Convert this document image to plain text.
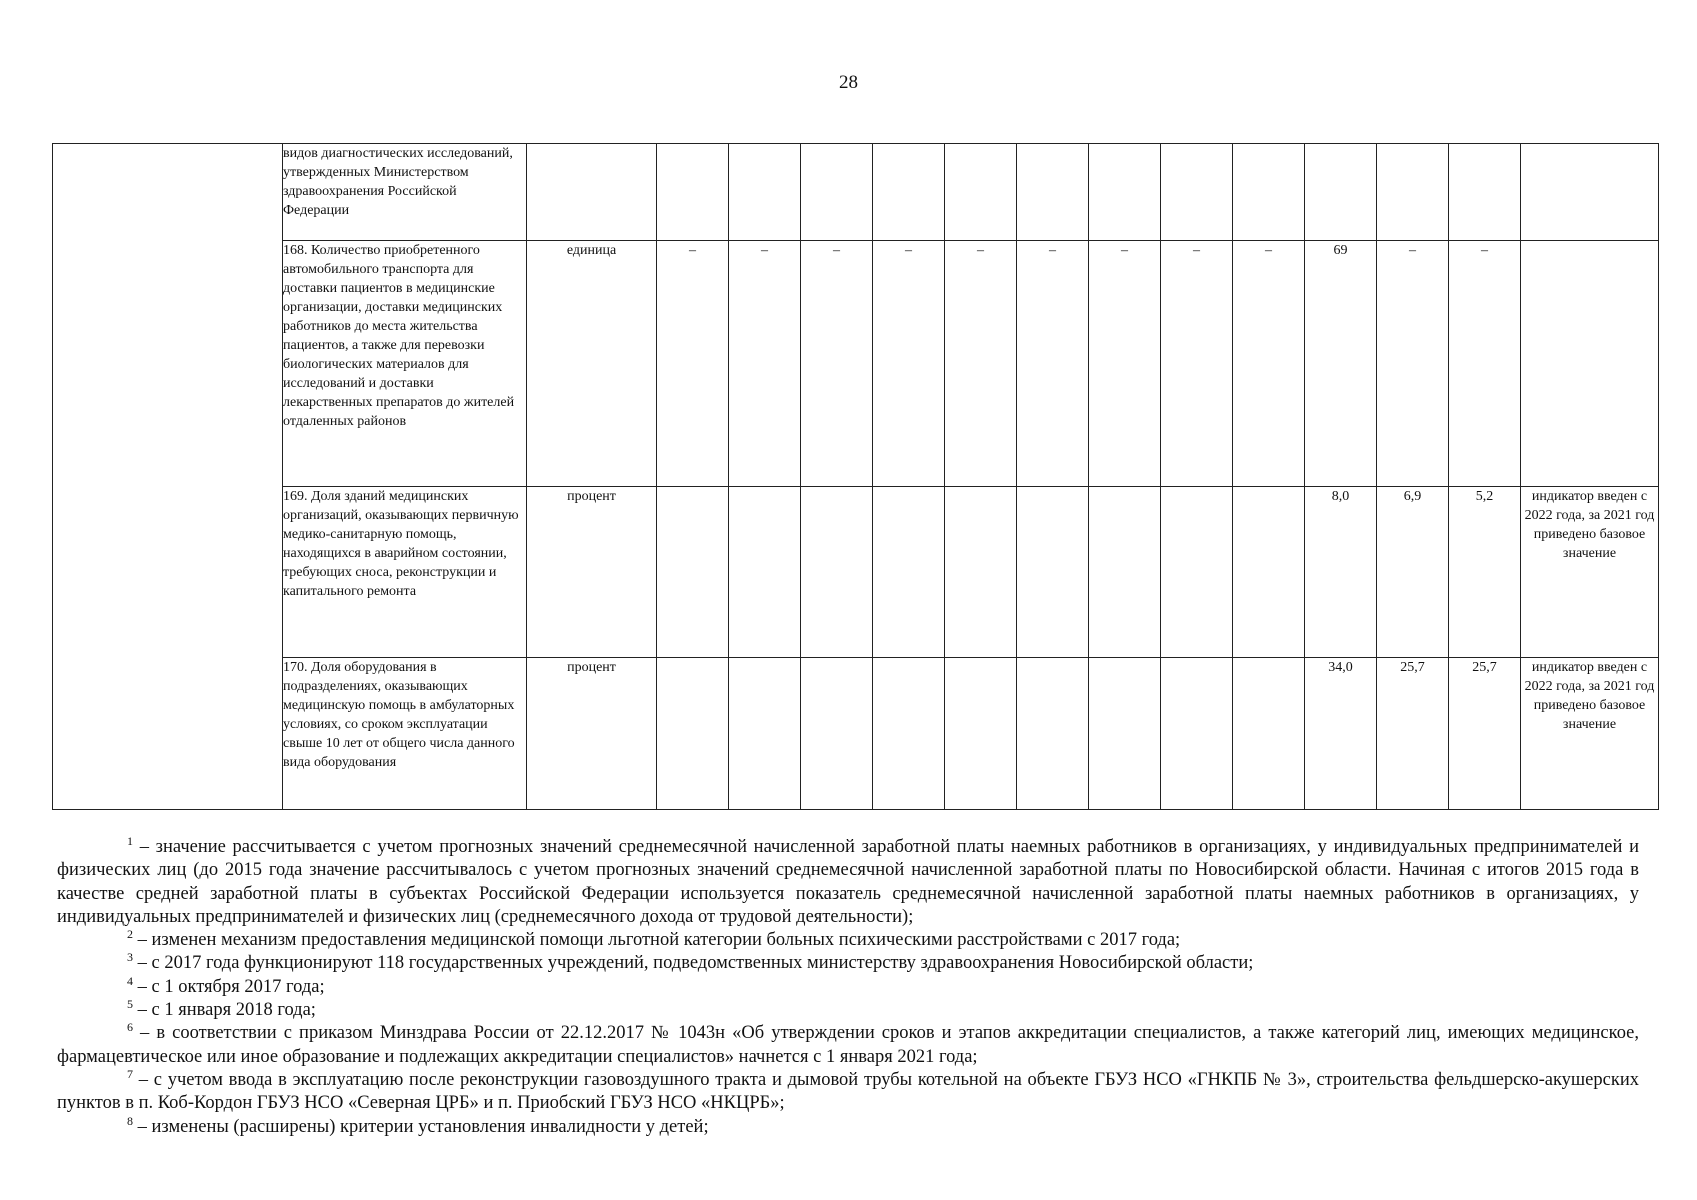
28
	видов диагностических исследований, утвержденных Министерством здравоохранения Российской Федерации														
	168. Количество приобретенного автомобильного транспорта для доставки пациентов в медицинские организации, доставки медицинских работников до места жительства пациентов, а также для перевозки биологических материалов для исследований и доставки лекарственных препаратов до жителей отдаленных районов	единица	–	–	–	–	–	–	–	–	–	69	–	–	
	169. Доля зданий медицинских организаций, оказывающих первичную медико-санитарную помощь, находящихся в аварийном состоянии, требующих сноса, реконструкции и капитального ремонта	процент										8,0	6,9	5,2	индикатор введен с 2022 года, за 2021 год приведено базовое значение
	170. Доля оборудования в подразделениях, оказывающих медицинскую помощь в амбулаторных условиях, со сроком эксплуатации свыше 10 лет от общего числа данного вида оборудования	процент										34,0	25,7	25,7	индикатор введен с 2022 года, за 2021 год приведено базовое значение

$^1$ – значение рассчитывается с учетом прогнозных значений среднемесячной начисленной заработной платы наемных работников в организациях, у индивидуальных предпринимателей и физических лиц (до 2015 года значение рассчитывалось с учетом прогнозных значений среднемесячной начисленной заработной платы по Новосибирской области. Начиная с итогов 2015 года в качестве средней заработной платы в субъектах Российской Федерации используется показатель среднемесячной начисленной заработной платы наемных работников в организациях, у индивидуальных предпринимателей и физических лиц (среднемесячного дохода от трудовой деятельности);

$^2$ – изменен механизм предоставления медицинской помощи льготной категории больных психическими расстройствами с 2017 года;

$^3$ – с 2017 года функционируют 118 государственных учреждений, подведомственных министерству здравоохранения Новосибирской области;

$^4$ – с 1 октября 2017 года;

$^5$ – с 1 января 2018 года;

$^6$ – в соответствии с приказом Минздрава России от 22.12.2017 № 1043н «Об утверждении сроков и этапов аккредитации специалистов, а также категорий лиц, имеющих медицинское, фармацевтическое или иное образование и подлежащих аккредитации специалистов» начнется с 1 января 2021 года;

$^7$ – с учетом ввода в эксплуатацию после реконструкции газовоздушного тракта и дымовой трубы котельной на объекте ГБУЗ НСО «ГНКПБ № 3», строительства фельдшерско-акушерских пунктов в п. Коб-Кордон ГБУЗ НСО «Северная ЦРБ» и п. Приобский ГБУЗ НСО «НКЦРБ»;

$^8$ – изменены (расширены) критерии установления инвалидности у детей;
